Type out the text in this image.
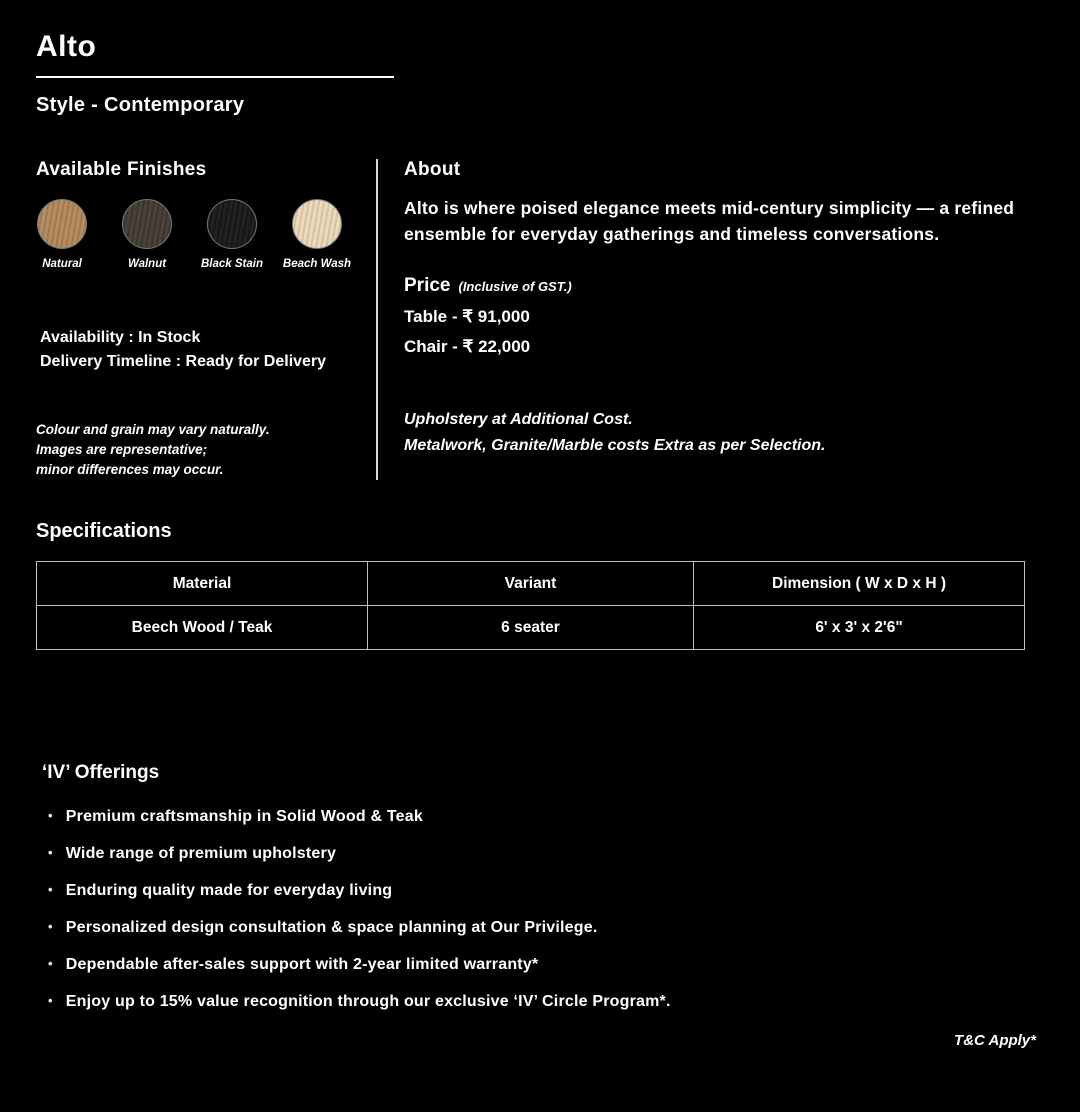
Alto
Style - Contemporary
Available Finishes
Natural	Walnut	Black Stain Beach Wash

Availability : In Stock

Delivery Timeline : Ready for Delivery

Colour and grain may vary naturally.

Images are representative;

minor differences may occur.

About

Alto is where poised elegance meets mid-century simplicity — a refined ensemble for everyday gatherings and timeless conversations.

Price (Inclusive of GST.)

Table - ₹ 91,000

Chair - ₹ 22,000

Upholstery at Additional Cost.

Metalwork, Granite/Marble costs Extra as per Selection.

Specifications
Material	Variant	Dimension ( W x D x H )
Beech Wood / Teak	6 seater	6' x 3' x 2'6"
‘IV’ Offerings
• Premium craftsmanship in Solid Wood & Teak
• Wide range of premium upholstery
• Enduring quality made for everyday living
• Personalized design consultation & space planning at Our Privilege.
• Dependable after-sales support with 2-year limited warranty*
• Enjoy up to 15% value recognition through our exclusive ‘IV’ Circle Program*.
T&C Apply*
